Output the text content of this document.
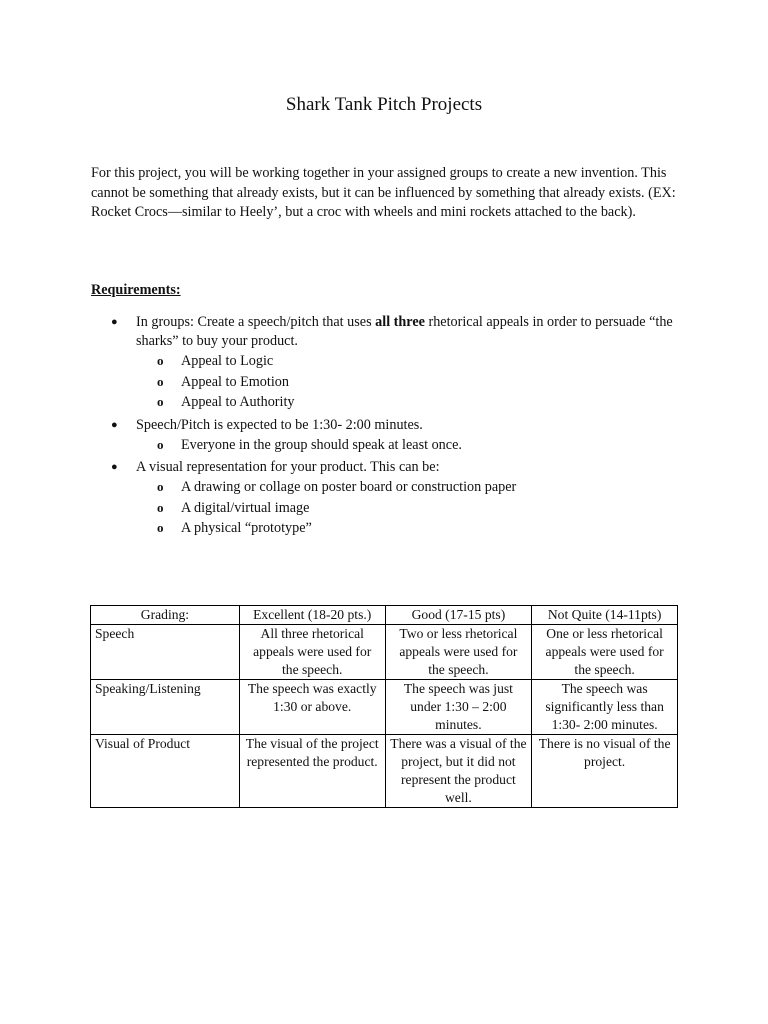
Shark Tank Pitch Projects

For this project, you will be working together in your assigned groups to create a new invention. This cannot be something that already exists, but it can be influenced by something that already exists. (EX: Rocket Crocs—similar to Heely’, but a croc with wheels and mini rockets attached to the back).

Requirements:

●	In groups: Create a speech/pitch that uses all three rhetorical appeals in order to persuade “the sharks” to buy your product.
o Appeal to Logic
o Appeal to Emotion
o Appeal to Authority
●	Speech/Pitch is expected to be 1:30- 2:00 minutes.
o Everyone in the group should speak at least once.
●	A visual representation for your product. This can be:
o A drawing or collage on poster board or construction paper
o A digital/virtual image
o A physical “prototype”
Grading:	Excellent (18-20 pts.)	Good (17-15 pts)	Not Quite (14-11pts)
Speech	All three rhetorical appeals were used for the speech.	Two or less rhetorical appeals were used for the speech.	One or less rhetorical appeals were used for the speech.
Speaking/Listening	The speech was exactly 1:30 or above.	The speech was just under 1:30 – 2:00 minutes.	The speech was significantly less than 1:30- 2:00 minutes.
Visual of Product	The visual of the project represented the product.	There was a visual of the project, but it did not represent the product well.	There is no visual of the project.
